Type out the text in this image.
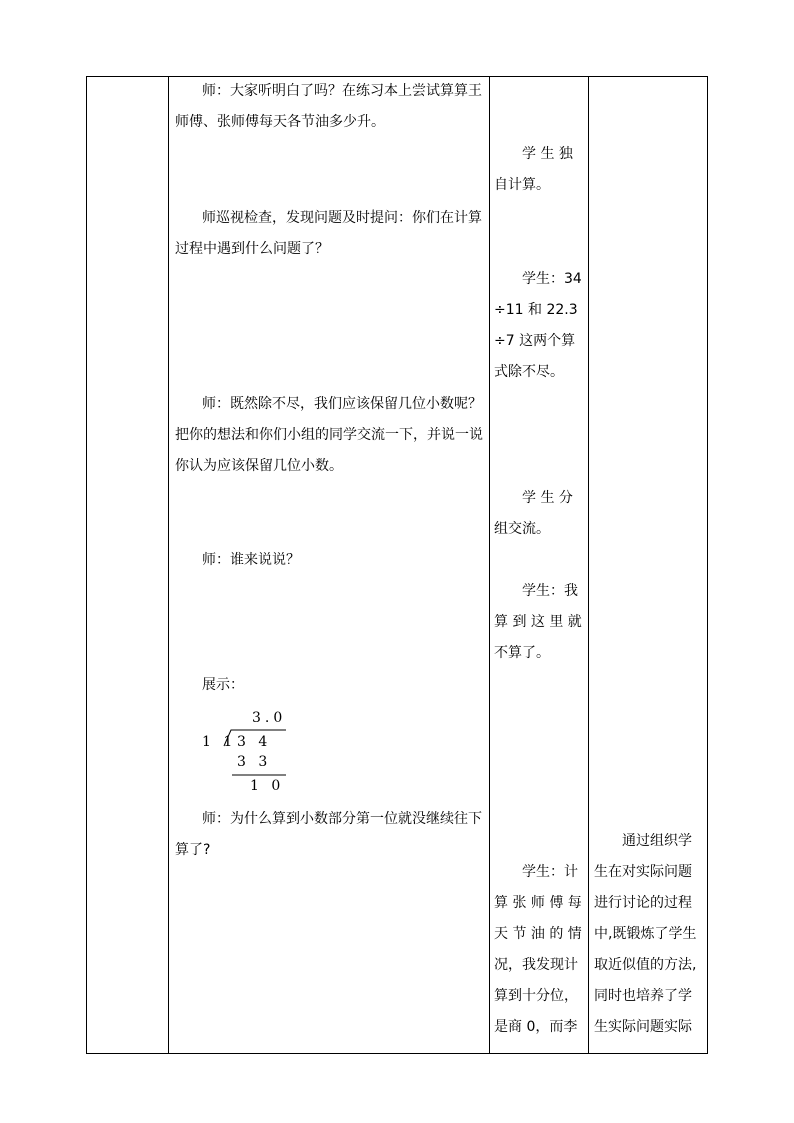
师：大家听明白了吗？在练习本上尝试算算王
师傅、张师傅每天各节油多少升。
师巡视检查，发现问题及时提问：你们在计算
过程中遇到什么问题了？
师：既然除不尽，我们应该保留几位小数呢？
把你的想法和你们小组的同学交流一下，并说一说
你认为应该保留几位小数。
师：谁来说说？
展示：
3.0
1 1 3 4
3 3
1 0
师：为什么算到小数部分第一位就没继续往下
算了?
学 生 独
自计算。
学生：34
÷11 和 22.3
÷7 这两个算
式除不尽。
学 生 分
组交流。
学生：我
算 到 这 里 就
不算了。
学生：计
算 张 师 傅 每
天 节 油 的 情
况，我发现计
算到十分位，
是商 0，而李
通过组织学
生在对实际问题
进行讨论的过程
中,既锻炼了学生
取近似值的方法,
同时也培养了学
生实际问题实际
